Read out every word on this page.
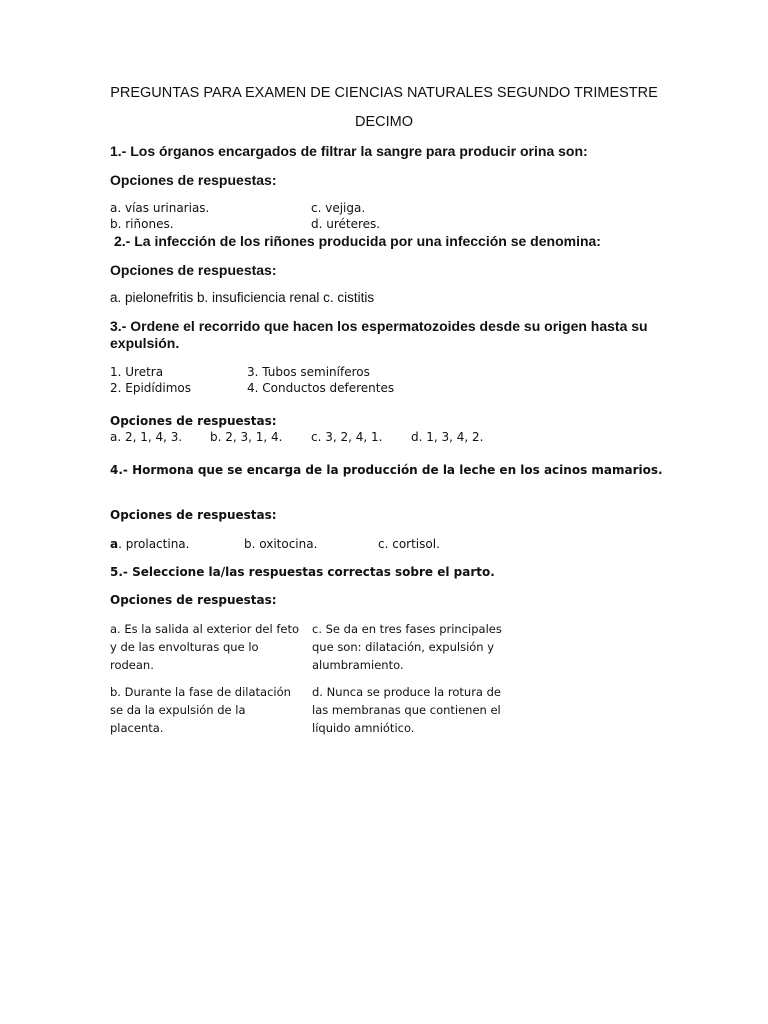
PREGUNTAS PARA EXAMEN DE CIENCIAS NATURALES SEGUNDO TRIMESTRE
DECIMO
1.- Los órganos encargados de filtrar la sangre para producir orina son:
Opciones de respuestas:
a. vías urinarias.
b. riñones.
c. vejiga.
d. uréteres.
2.- La infección de los riñones producida por una infección se denomina:
Opciones de respuestas:
a. pielonefritis b. insuficiencia renal c. cistitis
3.- Ordene el recorrido que hacen los espermatozoides desde su origen hasta su expulsión.
1. Uretra
2. Epidídimos
3. Tubos seminíferos
4. Conductos deferentes
Opciones de respuestas:
a. 2, 1, 4, 3. b. 2, 3, 1, 4. c. 3, 2, 4, 1. d. 1, 3, 4, 2.
4.- Hormona que se encarga de la producción de la leche en los acinos mamarios.
Opciones de respuestas:
a. prolactina.	b. oxitocina.	c. cortisol.
5.- Seleccione la/las respuestas correctas sobre el parto.
Opciones de respuestas:
a. Es la salida al exterior del feto y de las envolturas que lo rodean.
c. Se da en tres fases principales que son: dilatación, expulsión y alumbramiento.
b. Durante la fase de dilatación se da la expulsión de la placenta.
d. Nunca se produce la rotura de las membranas que contienen el líquido amniótico.
